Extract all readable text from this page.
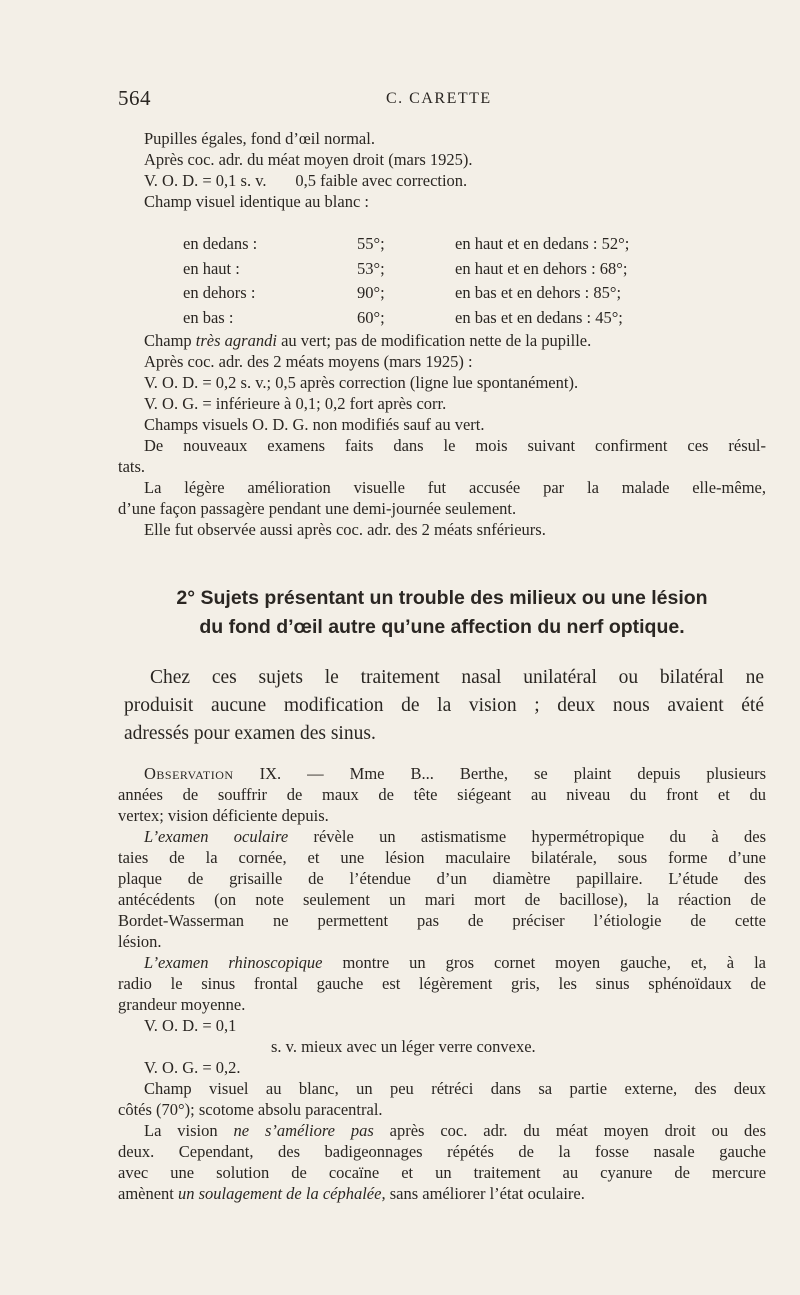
564	C. CARETTE
Pupilles égales, fond d’œil normal.
Après coc. adr. du méat moyen droit (mars 1925).
V. O. D. = 0,1 s. v.       0,5 faible avec correction.
Champ visuel identique au blanc :
en dedans :	55°;	en haut et en dedans : 52°;
en haut :	53°;	en haut et en dehors : 68°;
en dehors :	90°;	en bas et en dehors : 85°;
en bas :	60°;	en bas et en dedans : 45°;
Champ très agrandi au vert; pas de modification nette de la pupille.
Après coc. adr. des 2 méats moyens (mars 1925) :
V. O. D. = 0,2 s. v.; 0,5 après correction (ligne lue spontanément).
V. O. G. = inférieure à 0,1; 0,2 fort après corr.
Champs visuels O. D. G. non modifiés sauf au vert.
De nouveaux examens faits dans le mois suivant confirment ces résul-
tats.
La légère amélioration visuelle fut accusée par la malade elle-même,
d’une façon passagère pendant une demi-journée seulement.
Elle fut observée aussi après coc. adr. des 2 méats snférieurs.
2° Sujets présentant un trouble des milieux ou une lésion
du fond d’œil autre qu’une affection du nerf optique.
Chez ces sujets le traitement nasal unilatéral ou bilatéral ne
produisit aucune modification de la vision ; deux nous avaient été
adressés pour examen des sinus.
Observation IX. — Mme B... Berthe, se plaint depuis plusieurs
années de souffrir de maux de tête siégeant au niveau du front et du
vertex; vision déficiente depuis.
L’examen oculaire révèle un astismatisme hypermétropique du à des
taies de la cornée, et une lésion maculaire bilatérale, sous forme d’une
plaque de grisaille de l’étendue d’un diamètre papillaire. L’étude des
antécédents (on note seulement un mari mort de bacillose), la réaction de
Bordet-Wasserman ne permettent pas de préciser l’étiologie de cette
lésion.
L’examen rhinoscopique montre un gros cornet moyen gauche, et, à la
radio le sinus frontal gauche est légèrement gris, les sinus sphénoïdaux de
grandeur moyenne.
V. O. D. = 0,1
s. v. mieux avec un léger verre convexe.
V. O. G. = 0,2.
Champ visuel au blanc, un peu rétréci dans sa partie externe, des deux
côtés (70°); scotome absolu paracentral.
La vision ne s’améliore pas après coc. adr. du méat moyen droit ou des
deux. Cependant, des badigeonnages répétés de la fosse nasale gauche
avec une solution de cocaïne et un traitement au cyanure de mercure
amènent un soulagement de la céphalée, sans améliorer l’état oculaire.
